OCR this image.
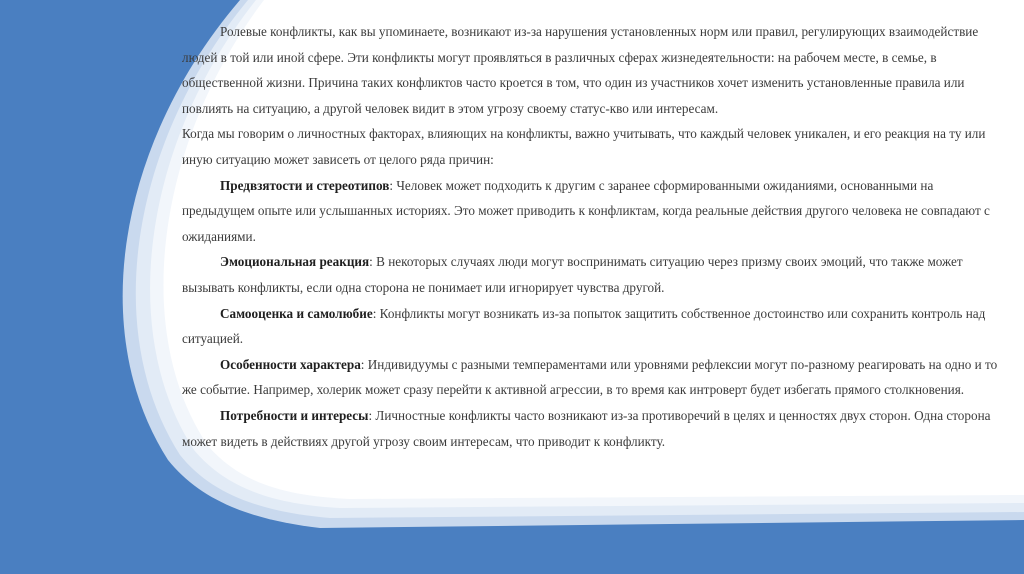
Ролевые конфликты, как вы упоминаете, возникают из-за нарушения установленных норм или правил, регулирующих взаимодействие людей в той или иной сфере. Эти конфликты могут проявляться в различных сферах жизнедеятельности: на рабочем месте, в семье, в общественной жизни. Причина таких конфликтов часто кроется в том, что один из участников хочет изменить установленные правила или повлиять на ситуацию, а другой человек видит в этом угрозу своему статус-кво или интересам.

Когда мы говорим о личностных факторах, влияющих на конфликты, важно учитывать, что каждый человек уникален, и его реакция на ту или иную ситуацию может зависеть от целого ряда причин:

Предвзятости и стереотипов: Человек может подходить к другим с заранее сформированными ожиданиями, основанными на предыдущем опыте или услышанных историях. Это может приводить к конфликтам, когда реальные действия другого человека не совпадают с ожиданиями.

Эмоциональная реакция: В некоторых случаях люди могут воспринимать ситуацию через призму своих эмоций, что также может вызывать конфликты, если одна сторона не понимает или игнорирует чувства другой.

Самооценка и самолюбие: Конфликты могут возникать из-за попыток защитить собственное достоинство или сохранить контроль над ситуацией.

Особенности характера: Индивидуумы с разными темпераментами или уровнями рефлексии могут по-разному реагировать на одно и то же событие. Например, холерик может сразу перейти к активной агрессии, в то время как интроверт будет избегать прямого столкновения.

Потребности и интересы: Личностные конфликты часто возникают из-за противоречий в целях и ценностях двух сторон. Одна сторона может видеть в действиях другой угрозу своим интересам, что приводит к конфликту.
